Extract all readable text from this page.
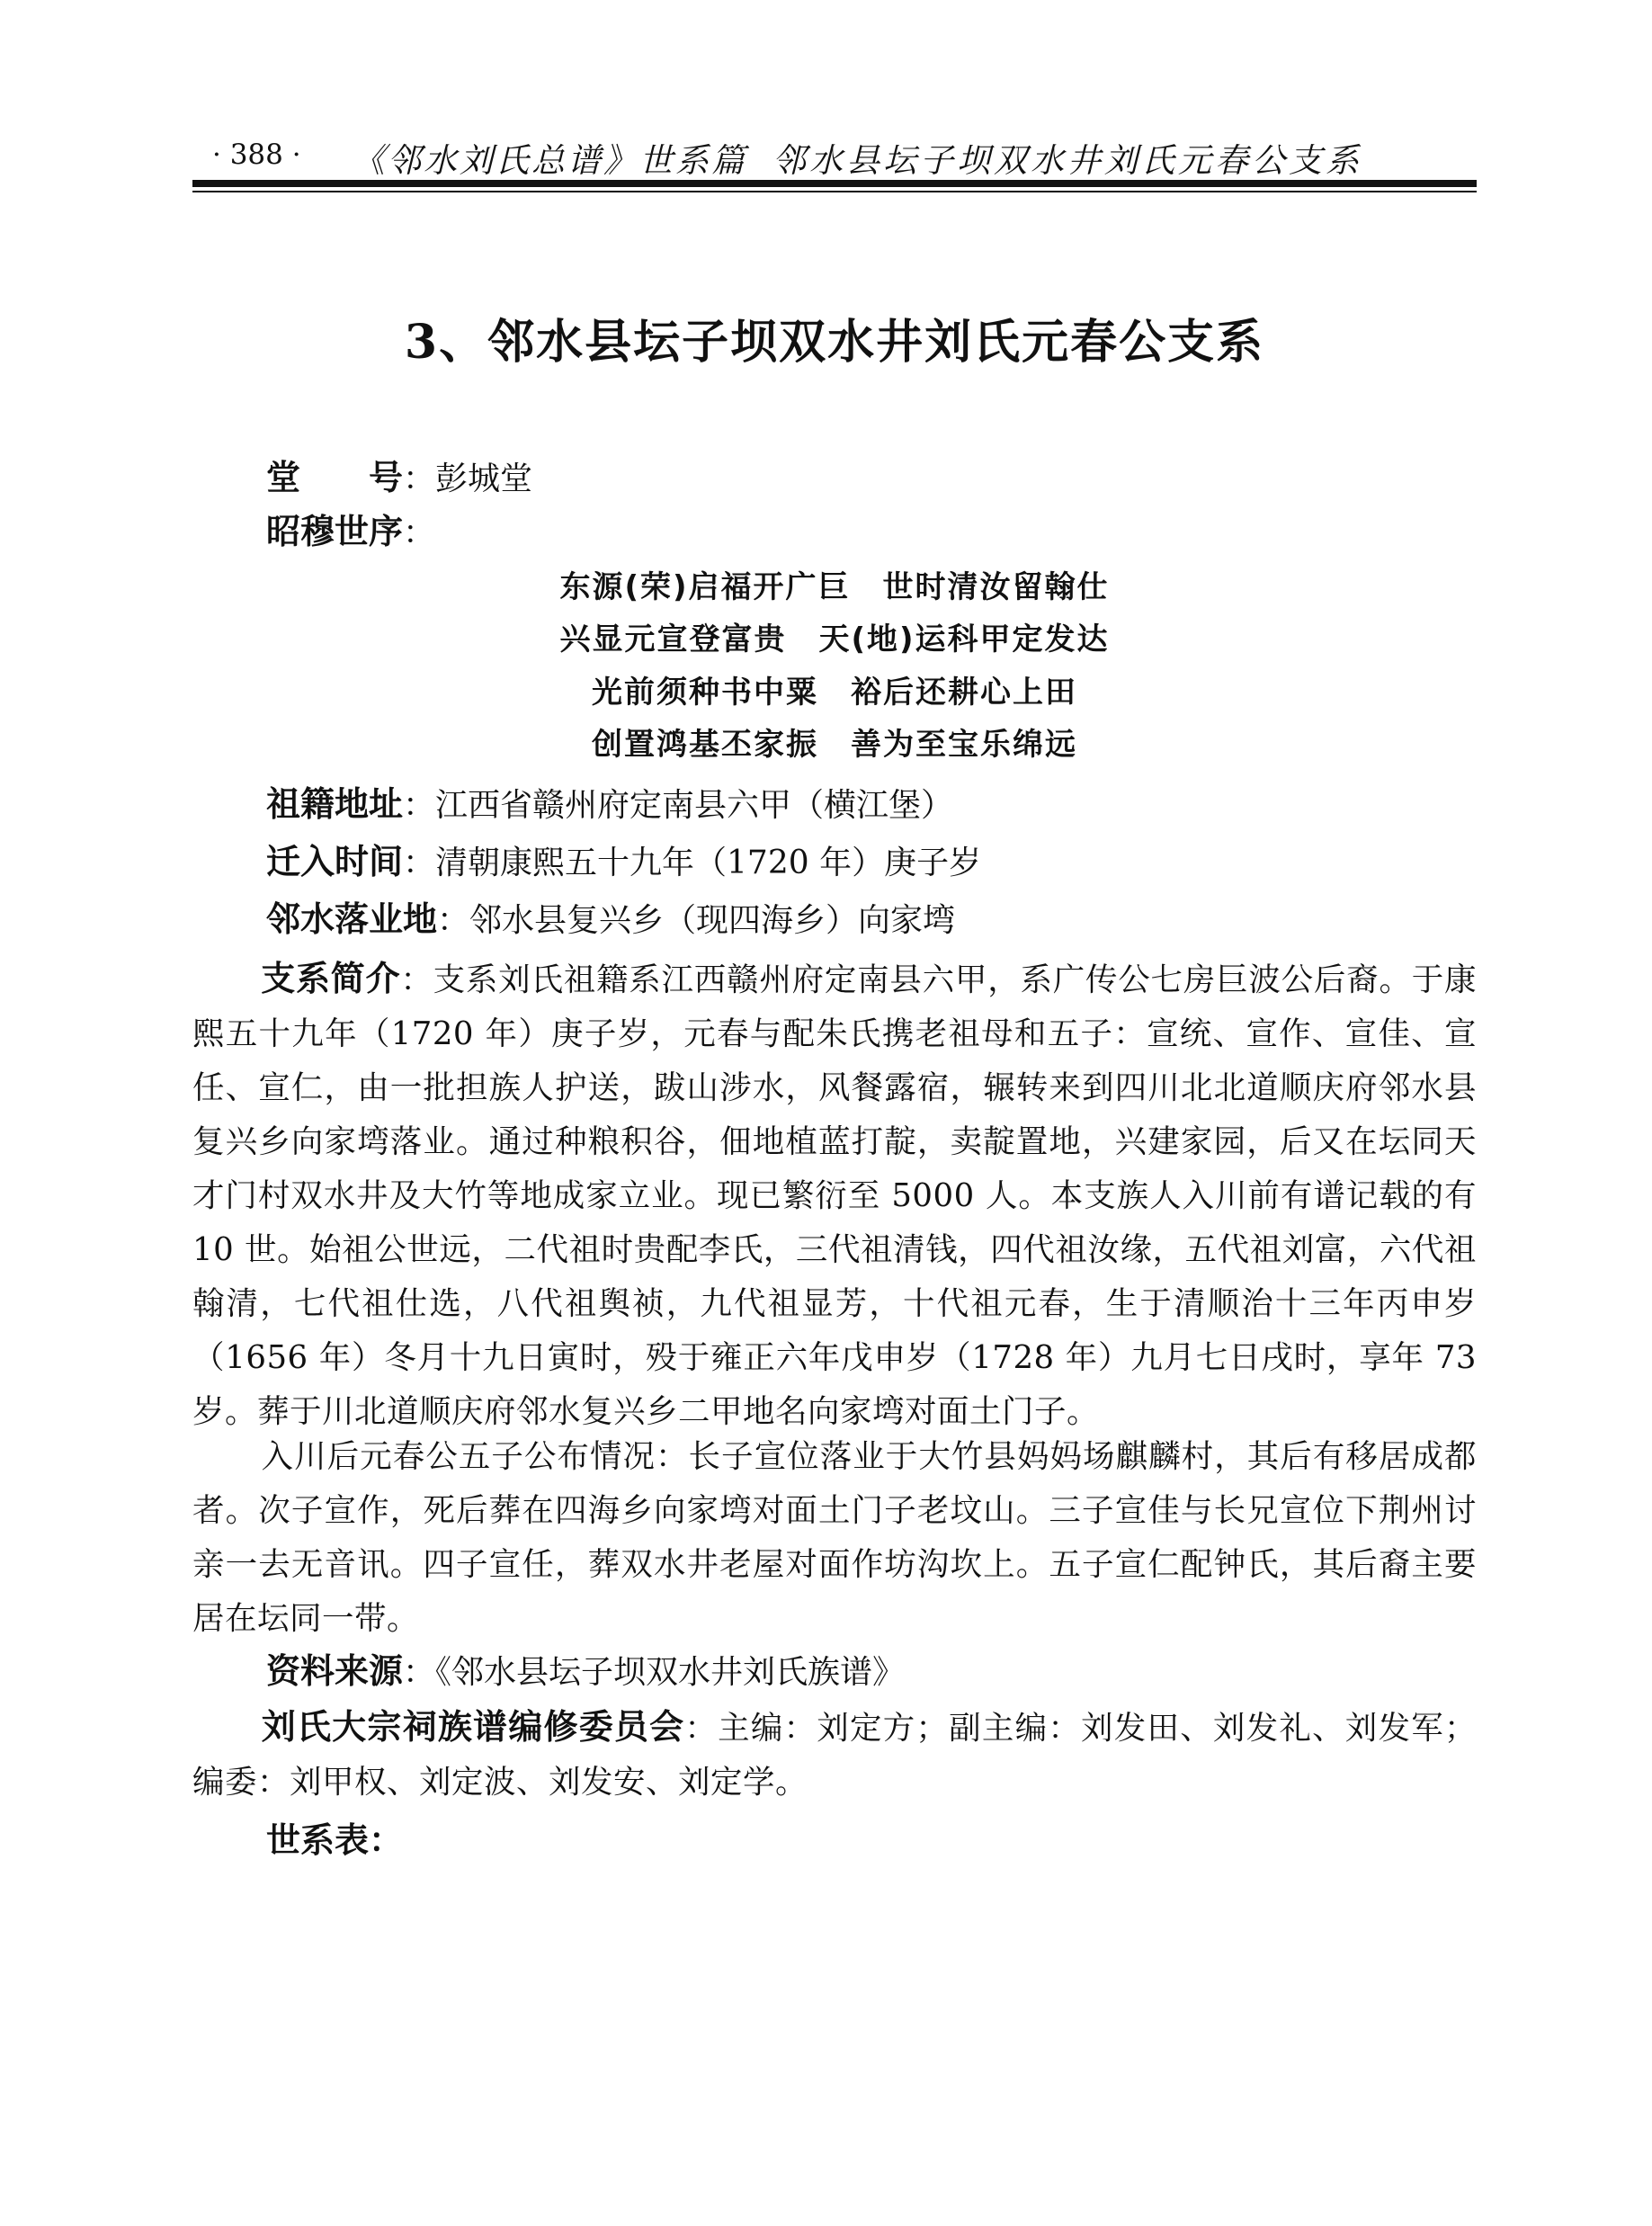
· 388 · 《邻水刘氏总谱》世系篇 邻水县坛子坝双水井刘氏元春公支系
3、邻水县坛子坝双水井刘氏元春公支系
堂　　号：彭城堂
昭穆世序：
东源(荣)启福开广巨　世时清汝留翰仕
兴显元宣登富贵　天(地)运科甲定发达
光前须种书中粟　裕后还耕心上田
创置鸿基丕家振　善为至宝乐绵远
祖籍地址：江西省赣州府定南县六甲（横江堡）
迁入时间：清朝康熙五十九年（1720 年）庚子岁
邻水落业地：邻水县复兴乡（现四海乡）向家塆
支系简介：支系刘氏祖籍系江西赣州府定南县六甲，系广传公七房巨波公后裔。于康熙五十九年（1720 年）庚子岁，元春与配朱氏携老祖母和五子：宣统、宣作、宣佳、宣任、宣仁，由一批担族人护送，跋山涉水，风餐露宿，辗转来到四川北北道顺庆府邻水县复兴乡向家塆落业。通过种粮积谷，佃地植蓝打靛，卖靛置地，兴建家园，后又在坛同天才门村双水井及大竹等地成家立业。现已繁衍至 5000 人。本支族人入川前有谱记载的有 10 世。始祖公世远，二代祖时贵配李氏，三代祖清钱，四代祖汝缘，五代祖刘富，六代祖翰清，七代祖仕选，八代祖舆祯，九代祖显芳，十代祖元春，生于清顺治十三年丙申岁（1656 年）冬月十九日寅时，殁于雍正六年戊申岁（1728 年）九月七日戌时，享年 73 岁。葬于川北道顺庆府邻水复兴乡二甲地名向家塆对面土门子。
入川后元春公五子公布情况：长子宣位落业于大竹县妈妈场麒麟村，其后有移居成都者。次子宣作，死后葬在四海乡向家塆对面土门子老坟山。三子宣佳与长兄宣位下荆州讨亲一去无音讯。四子宣任，葬双水井老屋对面作坊沟坎上。五子宣仁配钟氏，其后裔主要居在坛同一带。
资料来源：《邻水县坛子坝双水井刘氏族谱》
刘氏大宗祠族谱编修委员会：主编：刘定方；副主编：刘发田、刘发礼、刘发军；编委：刘甲权、刘定波、刘发安、刘定学。
世系表：
